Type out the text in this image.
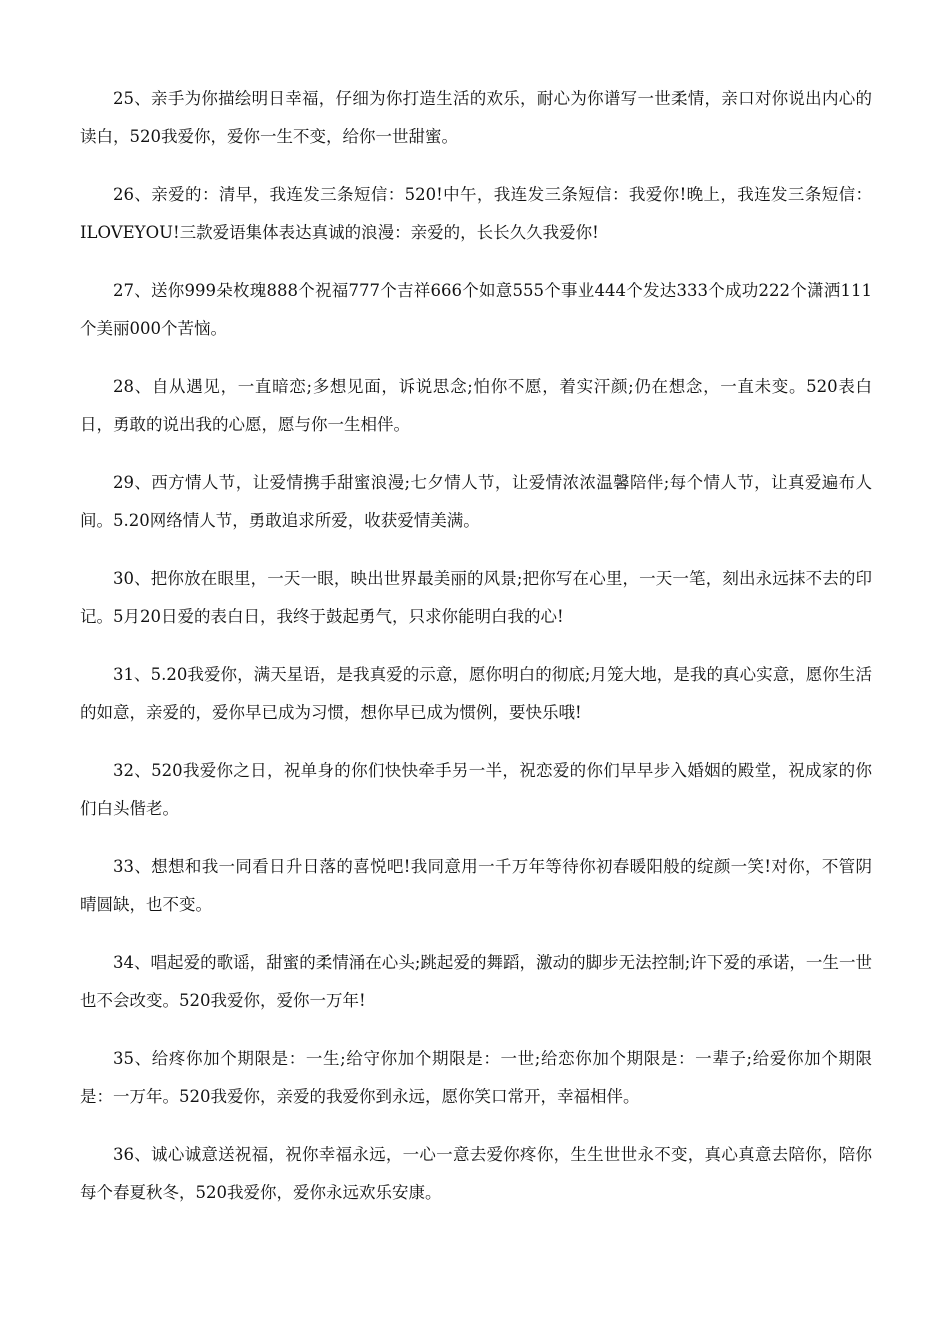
25、亲手为你描绘明日幸福，仔细为你打造生活的欢乐，耐心为你谱写一世柔情，亲口对你说出内心的读白，520我爱你，爱你一生不变，给你一世甜蜜。

26、亲爱的：清早，我连发三条短信：520!中午，我连发三条短信：我爱你!晚上，我连发三条短信：ILOVEYOU!三款爱语集体表达真诚的浪漫：亲爱的，长长久久我爱你!

27、送你999朵枚瑰888个祝福777个吉祥666个如意555个事业444个发达333个成功222个潇洒111个美丽000个苦恼。

28、自从遇见，一直暗恋;多想见面，诉说思念;怕你不愿，着实汗颜;仍在想念，一直未变。520表白日，勇敢的说出我的心愿，愿与你一生相伴。

29、西方情人节，让爱情携手甜蜜浪漫;七夕情人节，让爱情浓浓温馨陪伴;每个情人节，让真爱遍布人间。5.20网络情人节，勇敢追求所爱，收获爱情美满。

30、把你放在眼里，一天一眼，映出世界最美丽的风景;把你写在心里，一天一笔，刻出永远抹不去的印记。5月20日爱的表白日，我终于鼓起勇气，只求你能明白我的心!

31、5.20我爱你，满天星语，是我真爱的示意，愿你明白的彻底;月笼大地，是我的真心实意，愿你生活的如意，亲爱的，爱你早已成为习惯，想你早已成为惯例，要快乐哦!

32、520我爱你之日，祝单身的你们快快牵手另一半，祝恋爱的你们早早步入婚姻的殿堂，祝成家的你们白头偕老。

33、想想和我一同看日升日落的喜悦吧!我同意用一千万年等待你初春暖阳般的绽颜一笑!对你，不管阴晴圆缺，也不变。

34、唱起爱的歌谣，甜蜜的柔情涌在心头;跳起爱的舞蹈，激动的脚步无法控制;许下爱的承诺，一生一世也不会改变。520我爱你，爱你一万年!

35、给疼你加个期限是：一生;给守你加个期限是：一世;给恋你加个期限是：一辈子;给爱你加个期限是：一万年。520我爱你，亲爱的我爱你到永远，愿你笑口常开，幸福相伴。

36、诚心诚意送祝福，祝你幸福永远，一心一意去爱你疼你，生生世世永不变，真心真意去陪你，陪你每个春夏秋冬，520我爱你，爱你永远欢乐安康。
